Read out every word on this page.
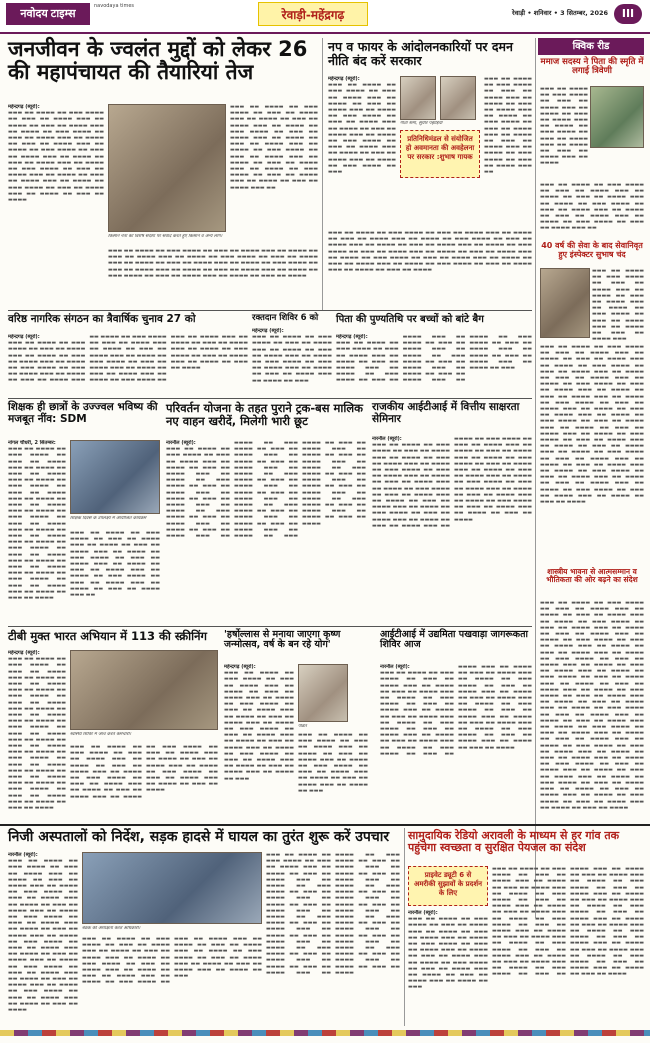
नवोदय टाइम्स
navodaya times
रेवाड़ी-महेंद्रगढ़	रेवाड़ी • शनिवार • 3 सितम्बर, 2026	III
जनजीवन के ज्वलंत मुद्दों को लेकर 26 की महापंचायत की तैयारियां तेज
महेन्द्रगढ़ (ब्यूरो):
▬▬▬ ▬▬ ▬▬▬▬ ▬▬ ▬▬▬ ▬▬▬▬ ▬▬ ▬▬▬ ▬▬ ▬▬▬▬ ▬▬▬ ▬▬ ▬▬▬▬ ▬▬ ▬▬▬ ▬▬ ▬▬▬▬ ▬▬▬ ▬▬ ▬▬▬▬ ▬▬ ▬▬▬ ▬▬▬▬ ▬▬ ▬▬▬ ▬▬ ▬▬▬▬ ▬▬▬ ▬▬ ▬▬▬▬ ▬▬ ▬▬▬ ▬▬ ▬▬▬▬ ▬▬▬ ▬▬ ▬▬▬▬ ▬▬ ▬▬▬ ▬▬▬▬ ▬▬ ▬▬▬ ▬▬ ▬▬▬▬ ▬▬▬ ▬▬ ▬▬▬▬ ▬▬ ▬▬▬ ▬▬ ▬▬▬▬ ▬▬▬ ▬▬ ▬▬▬▬ ▬▬ ▬▬▬ ▬▬▬▬ ▬▬ ▬▬▬ ▬▬ ▬▬▬▬ ▬▬▬ ▬▬ ▬▬▬▬ ▬▬ ▬▬▬ ▬▬ ▬▬▬▬ ▬▬▬ ▬▬ ▬▬▬▬ ▬▬ ▬▬▬ ▬▬▬▬ ▬▬ ▬▬▬ ▬▬ ▬▬▬▬ ▬▬▬ ▬▬ ▬▬▬▬ ▬▬ ▬▬▬ ▬▬ ▬▬▬▬
किसान नेता को विशेष संदेशों पर संवाद करते हुए किसान व अन्य लोग।
▬▬▬ ▬▬ ▬▬▬▬ ▬▬ ▬▬▬ ▬▬▬▬ ▬▬ ▬▬▬ ▬▬ ▬▬▬▬ ▬▬▬ ▬▬ ▬▬▬▬ ▬▬ ▬▬▬ ▬▬ ▬▬▬▬ ▬▬▬ ▬▬ ▬▬▬▬ ▬▬ ▬▬▬ ▬▬▬▬ ▬▬ ▬▬▬ ▬▬ ▬▬▬▬ ▬▬▬ ▬▬ ▬▬▬▬ ▬▬ ▬▬▬ ▬▬ ▬▬▬▬ ▬▬▬ ▬▬ ▬▬▬▬ ▬▬ ▬▬▬ ▬▬▬▬ ▬▬ ▬▬▬ ▬▬ ▬▬▬▬ ▬▬▬ ▬▬ ▬▬▬▬ ▬▬ ▬▬▬ ▬▬ ▬▬▬▬ ▬▬▬ ▬▬ ▬▬▬▬ ▬▬ ▬▬▬ ▬▬▬▬ ▬▬ ▬▬▬ ▬▬ ▬▬▬▬ ▬▬▬ ▬▬ ▬▬▬▬ ▬▬ ▬▬▬ ▬▬ ▬▬▬▬ ▬▬▬ ▬▬
▬▬▬ ▬▬ ▬▬▬▬ ▬▬ ▬▬▬ ▬▬▬▬ ▬▬ ▬▬▬ ▬▬ ▬▬▬▬ ▬▬▬ ▬▬ ▬▬▬▬ ▬▬ ▬▬▬ ▬▬ ▬▬▬▬ ▬▬▬ ▬▬ ▬▬▬▬ ▬▬ ▬▬▬ ▬▬▬▬ ▬▬ ▬▬▬ ▬▬ ▬▬▬▬ ▬▬▬ ▬▬ ▬▬▬▬ ▬▬ ▬▬▬ ▬▬ ▬▬▬▬ ▬▬▬ ▬▬ ▬▬▬▬ ▬▬ ▬▬▬ ▬▬▬▬ ▬▬ ▬▬▬ ▬▬ ▬▬▬▬ ▬▬▬ ▬▬ ▬▬▬▬ ▬▬ ▬▬▬ ▬▬ ▬▬▬▬ ▬▬▬ ▬▬ ▬▬▬▬ ▬▬ ▬▬▬ ▬▬▬▬ ▬▬ ▬▬▬ ▬▬ ▬▬▬▬ ▬▬▬ ▬▬ ▬▬▬▬ ▬▬ ▬▬▬ ▬▬ ▬▬▬▬
नप व फायर के आंदोलनकारियों पर दमन नीति बंद करें सरकार
महेन्द्रगढ़ (ब्यूरो):
▬▬▬ ▬▬ ▬▬▬▬ ▬▬ ▬▬▬ ▬▬▬▬ ▬▬ ▬▬▬ ▬▬ ▬▬▬▬ ▬▬▬ ▬▬ ▬▬▬▬ ▬▬ ▬▬▬ ▬▬ ▬▬▬▬ ▬▬▬ ▬▬ ▬▬▬▬ ▬▬ ▬▬▬ ▬▬▬▬ ▬▬ ▬▬▬ ▬▬ ▬▬▬▬ ▬▬▬ ▬▬ ▬▬▬▬ ▬▬ ▬▬▬ ▬▬ ▬▬▬▬ ▬▬▬ ▬▬ ▬▬▬▬ ▬▬ ▬▬▬ ▬▬▬▬ ▬▬ ▬▬▬ ▬▬ ▬▬▬▬ ▬▬▬ ▬▬ ▬▬▬▬ ▬▬ ▬▬▬ ▬▬ ▬▬▬▬ ▬▬▬ ▬▬ ▬▬▬▬ ▬▬ ▬▬▬ ▬▬▬▬ ▬▬ ▬▬▬
गीता शर्मा, सुधीर पहाड़िया
प्रतिनिधिमंडल से संयोजित हो अवमानता की अवहेलना पर सरकार :शुभाष गायक
▬▬▬ ▬▬ ▬▬▬▬ ▬▬ ▬▬▬ ▬▬▬▬ ▬▬ ▬▬▬ ▬▬ ▬▬▬▬ ▬▬▬ ▬▬ ▬▬▬▬ ▬▬ ▬▬▬ ▬▬ ▬▬▬▬ ▬▬▬ ▬▬ ▬▬▬▬ ▬▬ ▬▬▬ ▬▬▬▬ ▬▬ ▬▬▬ ▬▬ ▬▬▬▬ ▬▬▬ ▬▬ ▬▬▬▬ ▬▬ ▬▬▬ ▬▬ ▬▬▬▬ ▬▬▬ ▬▬ ▬▬▬▬ ▬▬ ▬▬▬ ▬▬▬▬ ▬▬ ▬▬▬ ▬▬ ▬▬▬▬ ▬▬▬ ▬▬
▬▬▬ ▬▬ ▬▬▬▬ ▬▬ ▬▬▬ ▬▬▬▬ ▬▬ ▬▬▬ ▬▬ ▬▬▬▬ ▬▬▬ ▬▬ ▬▬▬▬ ▬▬ ▬▬▬ ▬▬ ▬▬▬▬ ▬▬▬ ▬▬ ▬▬▬▬ ▬▬ ▬▬▬ ▬▬▬▬ ▬▬ ▬▬▬ ▬▬ ▬▬▬▬ ▬▬▬ ▬▬ ▬▬▬▬ ▬▬ ▬▬▬ ▬▬ ▬▬▬▬ ▬▬▬ ▬▬ ▬▬▬▬ ▬▬ ▬▬▬ ▬▬▬▬ ▬▬ ▬▬▬ ▬▬ ▬▬▬▬ ▬▬▬ ▬▬ ▬▬▬▬ ▬▬ ▬▬▬ ▬▬ ▬▬▬▬ ▬▬▬ ▬▬ ▬▬▬▬ ▬▬ ▬▬▬ ▬▬▬▬ ▬▬ ▬▬▬ ▬▬ ▬▬▬▬ ▬▬▬ ▬▬ ▬▬▬▬ ▬▬ ▬▬▬ ▬▬ ▬▬▬▬ ▬▬▬ ▬▬ ▬▬▬▬ ▬▬ ▬▬▬ ▬▬▬▬ ▬▬ ▬▬▬ ▬▬ ▬▬▬▬ ▬▬▬ ▬▬ ▬▬▬▬ ▬▬ ▬▬▬ ▬▬ ▬▬▬▬
क्विक रीड
ममाज सदस्य ने पिता की स्मृति में लगाई त्रिवेणी
▬▬▬ ▬▬ ▬▬▬▬ ▬▬ ▬▬▬ ▬▬▬▬ ▬▬ ▬▬▬ ▬▬ ▬▬▬▬ ▬▬▬ ▬▬ ▬▬▬▬ ▬▬ ▬▬▬ ▬▬ ▬▬▬▬ ▬▬▬ ▬▬ ▬▬▬▬ ▬▬ ▬▬▬ ▬▬▬▬ ▬▬ ▬▬▬ ▬▬ ▬▬▬▬ ▬▬▬ ▬▬ ▬▬▬▬ ▬▬ ▬▬▬ ▬▬ ▬▬▬▬ ▬▬▬ ▬▬ ▬▬▬▬
▬▬▬ ▬▬ ▬▬▬▬ ▬▬ ▬▬▬ ▬▬▬▬ ▬▬ ▬▬▬ ▬▬ ▬▬▬▬ ▬▬▬ ▬▬ ▬▬▬▬ ▬▬ ▬▬▬ ▬▬ ▬▬▬▬ ▬▬▬ ▬▬ ▬▬▬▬ ▬▬ ▬▬▬ ▬▬▬▬ ▬▬ ▬▬▬ ▬▬ ▬▬▬▬ ▬▬▬ ▬▬ ▬▬▬▬ ▬▬ ▬▬▬ ▬▬ ▬▬▬▬ ▬▬▬ ▬▬ ▬▬▬▬ ▬▬ ▬▬▬ ▬▬▬▬ ▬▬ ▬▬▬ ▬▬ ▬▬▬▬ ▬▬▬ ▬▬
40 वर्ष की सेवा के बाद सेवानिवृत हुए इंस्पेक्टर सुभाष चंद
▬▬▬ ▬▬ ▬▬▬▬ ▬▬ ▬▬▬ ▬▬▬▬ ▬▬ ▬▬▬ ▬▬ ▬▬▬▬ ▬▬▬ ▬▬ ▬▬▬▬ ▬▬ ▬▬▬ ▬▬ ▬▬▬▬ ▬▬▬ ▬▬ ▬▬▬▬ ▬▬ ▬▬▬ ▬▬▬▬ ▬▬ ▬▬▬ ▬▬ ▬▬▬▬ ▬▬▬ ▬▬ ▬▬▬▬ ▬▬ ▬▬▬ ▬▬ ▬▬▬▬ ▬▬▬
▬▬▬ ▬▬ ▬▬▬▬ ▬▬ ▬▬▬ ▬▬▬▬ ▬▬ ▬▬▬ ▬▬ ▬▬▬▬ ▬▬▬ ▬▬ ▬▬▬▬ ▬▬ ▬▬▬ ▬▬ ▬▬▬▬ ▬▬▬ ▬▬ ▬▬▬▬ ▬▬ ▬▬▬ ▬▬▬▬ ▬▬ ▬▬▬ ▬▬ ▬▬▬▬ ▬▬▬ ▬▬ ▬▬▬▬ ▬▬ ▬▬▬ ▬▬ ▬▬▬▬ ▬▬▬ ▬▬ ▬▬▬▬ ▬▬ ▬▬▬ ▬▬▬▬ ▬▬ ▬▬▬ ▬▬ ▬▬▬▬ ▬▬▬ ▬▬ ▬▬▬▬ ▬▬ ▬▬▬ ▬▬ ▬▬▬▬ ▬▬▬ ▬▬ ▬▬▬▬ ▬▬ ▬▬▬ ▬▬▬▬ ▬▬ ▬▬▬ ▬▬ ▬▬▬▬ ▬▬▬ ▬▬ ▬▬▬▬ ▬▬ ▬▬▬ ▬▬ ▬▬▬▬ ▬▬▬ ▬▬ ▬▬▬▬ ▬▬ ▬▬▬ ▬▬▬▬ ▬▬ ▬▬▬ ▬▬ ▬▬▬▬ ▬▬▬ ▬▬ ▬▬▬▬ ▬▬ ▬▬▬ ▬▬ ▬▬▬▬ ▬▬▬ ▬▬ ▬▬▬▬ ▬▬ ▬▬▬ ▬▬▬▬ ▬▬ ▬▬▬ ▬▬ ▬▬▬▬ ▬▬▬ ▬▬ ▬▬▬▬ ▬▬ ▬▬▬ ▬▬ ▬▬▬▬ ▬▬▬ ▬▬ ▬▬▬▬ ▬▬ ▬▬▬ ▬▬▬▬ ▬▬ ▬▬▬ ▬▬ ▬▬▬▬ ▬▬▬ ▬▬ ▬▬▬▬ ▬▬ ▬▬▬ ▬▬ ▬▬▬▬ ▬▬▬ ▬▬ ▬▬▬▬ ▬▬ ▬▬▬ ▬▬▬▬ ▬▬ ▬▬▬ ▬▬ ▬▬▬▬ ▬▬▬ ▬▬ ▬▬▬▬ ▬▬ ▬▬▬ ▬▬ ▬▬▬▬ ▬▬▬ ▬▬ ▬▬▬▬ ▬▬ ▬▬▬ ▬▬▬▬ ▬▬ ▬▬▬ ▬▬ ▬▬▬▬ ▬▬▬ ▬▬ ▬▬▬▬ ▬▬ ▬▬▬ ▬▬ ▬▬▬▬
शास्त्रीय भावना से आत्मसम्मान व भौतिकता की ओर बढ़ने का संदेश
▬▬▬ ▬▬ ▬▬▬▬ ▬▬ ▬▬▬ ▬▬▬▬ ▬▬ ▬▬▬ ▬▬ ▬▬▬▬ ▬▬▬ ▬▬ ▬▬▬▬ ▬▬ ▬▬▬ ▬▬ ▬▬▬▬ ▬▬▬ ▬▬ ▬▬▬▬ ▬▬ ▬▬▬ ▬▬▬▬ ▬▬ ▬▬▬ ▬▬ ▬▬▬▬ ▬▬▬ ▬▬ ▬▬▬▬ ▬▬ ▬▬▬ ▬▬ ▬▬▬▬ ▬▬▬ ▬▬ ▬▬▬▬ ▬▬ ▬▬▬ ▬▬▬▬ ▬▬ ▬▬▬ ▬▬ ▬▬▬▬ ▬▬▬ ▬▬ ▬▬▬▬ ▬▬ ▬▬▬ ▬▬ ▬▬▬▬ ▬▬▬ ▬▬ ▬▬▬▬ ▬▬ ▬▬▬ ▬▬▬▬ ▬▬ ▬▬▬ ▬▬ ▬▬▬▬ ▬▬▬ ▬▬ ▬▬▬▬ ▬▬ ▬▬▬ ▬▬ ▬▬▬▬ ▬▬▬ ▬▬ ▬▬▬▬ ▬▬ ▬▬▬ ▬▬▬▬ ▬▬ ▬▬▬ ▬▬ ▬▬▬▬ ▬▬▬ ▬▬ ▬▬▬▬ ▬▬ ▬▬▬ ▬▬ ▬▬▬▬ ▬▬▬ ▬▬ ▬▬▬▬ ▬▬ ▬▬▬ ▬▬▬▬ ▬▬ ▬▬▬ ▬▬ ▬▬▬▬ ▬▬▬ ▬▬ ▬▬▬▬ ▬▬ ▬▬▬ ▬▬ ▬▬▬▬ ▬▬▬ ▬▬ ▬▬▬▬ ▬▬ ▬▬▬ ▬▬▬▬ ▬▬ ▬▬▬ ▬▬ ▬▬▬▬ ▬▬▬ ▬▬ ▬▬▬▬ ▬▬ ▬▬▬ ▬▬ ▬▬▬▬ ▬▬▬ ▬▬ ▬▬▬▬ ▬▬ ▬▬▬ ▬▬▬▬ ▬▬ ▬▬▬ ▬▬ ▬▬▬▬ ▬▬▬ ▬▬ ▬▬▬▬ ▬▬ ▬▬▬ ▬▬ ▬▬▬▬ ▬▬▬ ▬▬ ▬▬▬▬ ▬▬ ▬▬▬ ▬▬▬▬ ▬▬ ▬▬▬ ▬▬ ▬▬▬▬ ▬▬▬ ▬▬ ▬▬▬▬ ▬▬ ▬▬▬ ▬▬ ▬▬▬▬ ▬▬▬ ▬▬ ▬▬▬▬ ▬▬ ▬▬▬ ▬▬▬▬ ▬▬ ▬▬▬ ▬▬ ▬▬▬▬ ▬▬▬ ▬▬ ▬▬▬▬ ▬▬ ▬▬▬ ▬▬ ▬▬▬▬ ▬▬▬ ▬▬ ▬▬▬▬ ▬▬ ▬▬▬ ▬▬▬▬ ▬▬ ▬▬▬ ▬▬ ▬▬▬▬ ▬▬▬ ▬▬ ▬▬▬▬ ▬▬ ▬▬▬ ▬▬ ▬▬▬▬ ▬▬▬ ▬▬ ▬▬▬▬ ▬▬ ▬▬▬ ▬▬▬▬ ▬▬ ▬▬▬ ▬▬ ▬▬▬▬ ▬▬▬ ▬▬ ▬▬▬▬ ▬▬ ▬▬▬ ▬▬ ▬▬▬▬
वरिष्ठ नागरिक संगठन का त्रैवार्षिक चुनाव 27 को
महेन्द्रगढ़ (ब्यूरो):
▬▬▬ ▬▬ ▬▬▬▬ ▬▬ ▬▬▬ ▬▬▬▬ ▬▬ ▬▬▬ ▬▬ ▬▬▬▬ ▬▬▬ ▬▬ ▬▬▬▬ ▬▬ ▬▬▬ ▬▬ ▬▬▬▬ ▬▬▬ ▬▬ ▬▬▬▬ ▬▬ ▬▬▬ ▬▬▬▬ ▬▬ ▬▬▬ ▬▬ ▬▬▬▬ ▬▬▬ ▬▬ ▬▬▬▬ ▬▬ ▬▬▬ ▬▬ ▬▬▬▬ ▬▬▬ ▬▬ ▬▬▬▬ ▬▬ ▬▬▬ ▬▬▬▬ ▬▬ ▬▬▬ ▬▬ ▬▬▬▬ ▬▬▬ ▬▬ ▬▬▬▬ ▬▬ ▬▬▬ ▬▬ ▬▬▬▬ ▬▬▬ ▬▬ ▬▬▬▬ ▬▬ ▬▬▬ ▬▬▬▬ ▬▬ ▬▬▬ ▬▬ ▬▬▬▬ ▬▬▬ ▬▬ ▬▬▬▬ ▬▬ ▬▬▬ ▬▬ ▬▬▬▬ ▬▬▬ ▬▬ ▬▬▬▬ ▬▬ ▬▬▬ ▬▬▬▬ ▬▬ ▬▬▬ ▬▬ ▬▬▬▬ ▬▬▬ ▬▬ ▬▬▬▬ ▬▬ ▬▬▬ ▬▬ ▬▬▬▬ ▬▬▬ ▬▬ ▬▬▬▬ ▬▬ ▬▬▬ ▬▬▬▬ ▬▬ ▬▬▬ ▬▬ ▬▬▬▬ ▬▬▬ ▬▬ ▬▬▬▬ ▬▬ ▬▬▬ ▬▬ ▬▬▬▬
रक्तदान शिविर 6 को
महेन्द्रगढ़ (ब्यूरो):
▬▬▬ ▬▬ ▬▬▬▬ ▬▬ ▬▬▬ ▬▬▬▬ ▬▬ ▬▬▬ ▬▬ ▬▬▬▬ ▬▬▬ ▬▬ ▬▬▬▬ ▬▬ ▬▬▬ ▬▬ ▬▬▬▬ ▬▬▬ ▬▬ ▬▬▬▬ ▬▬ ▬▬▬ ▬▬▬▬ ▬▬ ▬▬▬ ▬▬ ▬▬▬▬ ▬▬▬ ▬▬ ▬▬▬▬ ▬▬ ▬▬▬ ▬▬ ▬▬▬▬ ▬▬▬ ▬▬ ▬▬▬▬ ▬▬ ▬▬▬
पिता की पुण्यतिथि पर बच्चों को बांटे बैग
महेन्द्रगढ़ (ब्यूरो):
▬▬▬ ▬▬ ▬▬▬▬ ▬▬ ▬▬▬ ▬▬▬▬ ▬▬ ▬▬▬ ▬▬ ▬▬▬▬ ▬▬▬ ▬▬ ▬▬▬▬ ▬▬ ▬▬▬ ▬▬ ▬▬▬▬ ▬▬▬ ▬▬ ▬▬▬▬ ▬▬ ▬▬▬ ▬▬▬▬ ▬▬ ▬▬▬ ▬▬ ▬▬▬▬ ▬▬▬ ▬▬ ▬▬▬▬ ▬▬ ▬▬▬ ▬▬ ▬▬▬▬ ▬▬▬ ▬▬ ▬▬▬▬ ▬▬ ▬▬▬ ▬▬▬▬ ▬▬ ▬▬▬ ▬▬ ▬▬▬▬ ▬▬▬ ▬▬ ▬▬▬▬ ▬▬ ▬▬▬ ▬▬ ▬▬▬▬ ▬▬▬ ▬▬ ▬▬▬▬ ▬▬ ▬▬▬ ▬▬▬▬ ▬▬ ▬▬▬ ▬▬ ▬▬▬▬ ▬▬▬ ▬▬ ▬▬▬▬ ▬▬ ▬▬▬ ▬▬ ▬▬▬▬ ▬▬▬ ▬▬ ▬▬▬▬ ▬▬ ▬▬▬
शिक्षक ही छात्रों के उज्ज्वल भविष्य की मजबूत नींव: SDM
नांगल चौधरी, 2 सितम्बर:
▬▬▬ ▬▬ ▬▬▬▬ ▬▬ ▬▬▬ ▬▬▬▬ ▬▬ ▬▬▬ ▬▬ ▬▬▬▬ ▬▬▬ ▬▬ ▬▬▬▬ ▬▬ ▬▬▬ ▬▬ ▬▬▬▬ ▬▬▬ ▬▬ ▬▬▬▬ ▬▬ ▬▬▬ ▬▬▬▬ ▬▬ ▬▬▬ ▬▬ ▬▬▬▬ ▬▬▬ ▬▬ ▬▬▬▬ ▬▬ ▬▬▬ ▬▬ ▬▬▬▬ ▬▬▬ ▬▬ ▬▬▬▬ ▬▬ ▬▬▬ ▬▬▬▬ ▬▬ ▬▬▬ ▬▬ ▬▬▬▬ ▬▬▬ ▬▬ ▬▬▬▬ ▬▬ ▬▬▬ ▬▬ ▬▬▬▬ ▬▬▬ ▬▬ ▬▬▬▬ ▬▬ ▬▬▬ ▬▬▬▬ ▬▬ ▬▬▬ ▬▬ ▬▬▬▬ ▬▬▬ ▬▬ ▬▬▬▬ ▬▬ ▬▬▬ ▬▬ ▬▬▬▬ ▬▬▬ ▬▬ ▬▬▬▬ ▬▬ ▬▬▬ ▬▬▬▬ ▬▬ ▬▬▬ ▬▬ ▬▬▬▬ ▬▬▬ ▬▬ ▬▬▬▬ ▬▬ ▬▬▬ ▬▬ ▬▬▬▬
शिक्षक दिवस के उपलक्ष्य में आयोजित कार्यक्रम
▬▬▬ ▬▬ ▬▬▬▬ ▬▬ ▬▬▬ ▬▬▬▬ ▬▬ ▬▬▬ ▬▬ ▬▬▬▬ ▬▬▬ ▬▬ ▬▬▬▬ ▬▬ ▬▬▬ ▬▬ ▬▬▬▬ ▬▬▬ ▬▬ ▬▬▬▬ ▬▬ ▬▬▬ ▬▬▬▬ ▬▬ ▬▬▬ ▬▬ ▬▬▬▬ ▬▬▬ ▬▬ ▬▬▬▬ ▬▬ ▬▬▬ ▬▬ ▬▬▬▬ ▬▬▬ ▬▬ ▬▬▬▬ ▬▬ ▬▬▬ ▬▬▬▬ ▬▬ ▬▬▬ ▬▬ ▬▬▬▬ ▬▬▬ ▬▬ ▬▬▬▬ ▬▬ ▬▬▬ ▬▬ ▬▬▬▬ ▬▬▬ ▬▬
परिवर्तन योजना के तहत पुराने ट्रक-बस मालिक नए वाहन खरीदें, मिलेगी भारी छूट
नारनौल (ब्यूरो):
▬▬▬ ▬▬ ▬▬▬▬ ▬▬ ▬▬▬ ▬▬▬▬ ▬▬ ▬▬▬ ▬▬ ▬▬▬▬ ▬▬▬ ▬▬ ▬▬▬▬ ▬▬ ▬▬▬ ▬▬ ▬▬▬▬ ▬▬▬ ▬▬ ▬▬▬▬ ▬▬ ▬▬▬ ▬▬▬▬ ▬▬ ▬▬▬ ▬▬ ▬▬▬▬ ▬▬▬ ▬▬ ▬▬▬▬ ▬▬ ▬▬▬ ▬▬ ▬▬▬▬ ▬▬▬ ▬▬ ▬▬▬▬ ▬▬ ▬▬▬ ▬▬▬▬ ▬▬ ▬▬▬ ▬▬ ▬▬▬▬ ▬▬▬ ▬▬ ▬▬▬▬ ▬▬ ▬▬▬ ▬▬ ▬▬▬▬ ▬▬▬ ▬▬ ▬▬▬▬ ▬▬ ▬▬▬ ▬▬▬▬ ▬▬ ▬▬▬ ▬▬ ▬▬▬▬ ▬▬▬ ▬▬ ▬▬▬▬ ▬▬ ▬▬▬ ▬▬ ▬▬▬▬ ▬▬▬ ▬▬ ▬▬▬▬ ▬▬ ▬▬▬ ▬▬▬▬ ▬▬ ▬▬▬ ▬▬ ▬▬▬▬ ▬▬▬ ▬▬ ▬▬▬▬ ▬▬ ▬▬▬ ▬▬ ▬▬▬▬ ▬▬▬ ▬▬ ▬▬▬▬ ▬▬ ▬▬▬ ▬▬▬▬ ▬▬ ▬▬▬ ▬▬ ▬▬▬▬ ▬▬▬ ▬▬ ▬▬▬▬ ▬▬ ▬▬▬ ▬▬ ▬▬▬▬ ▬▬▬ ▬▬ ▬▬▬▬ ▬▬ ▬▬▬ ▬▬▬▬ ▬▬ ▬▬▬ ▬▬ ▬▬▬▬ ▬▬▬ ▬▬ ▬▬▬▬ ▬▬ ▬▬▬ ▬▬ ▬▬▬▬ ▬▬▬ ▬▬ ▬▬▬▬ ▬▬ ▬▬▬ ▬▬▬▬ ▬▬ ▬▬▬ ▬▬ ▬▬▬▬ ▬▬▬ ▬▬ ▬▬▬▬ ▬▬ ▬▬▬ ▬▬ ▬▬▬▬ ▬▬▬ ▬▬ ▬▬▬▬ ▬▬ ▬▬▬ ▬▬▬▬ ▬▬ ▬▬▬ ▬▬ ▬▬▬▬ ▬▬▬ ▬▬ ▬▬▬▬ ▬▬ ▬▬▬ ▬▬ ▬▬▬▬
राजकीय आईटीआई में वित्तीय साक्षरता सेमिनार
नारनौल (ब्यूरो):
▬▬▬ ▬▬ ▬▬▬▬ ▬▬ ▬▬▬ ▬▬▬▬ ▬▬ ▬▬▬ ▬▬ ▬▬▬▬ ▬▬▬ ▬▬ ▬▬▬▬ ▬▬ ▬▬▬ ▬▬ ▬▬▬▬ ▬▬▬ ▬▬ ▬▬▬▬ ▬▬ ▬▬▬ ▬▬▬▬ ▬▬ ▬▬▬ ▬▬ ▬▬▬▬ ▬▬▬ ▬▬ ▬▬▬▬ ▬▬ ▬▬▬ ▬▬ ▬▬▬▬ ▬▬▬ ▬▬ ▬▬▬▬ ▬▬ ▬▬▬ ▬▬▬▬ ▬▬ ▬▬▬ ▬▬ ▬▬▬▬ ▬▬▬ ▬▬ ▬▬▬▬ ▬▬ ▬▬▬ ▬▬ ▬▬▬▬ ▬▬▬ ▬▬ ▬▬▬▬ ▬▬ ▬▬▬ ▬▬▬▬ ▬▬ ▬▬▬ ▬▬ ▬▬▬▬ ▬▬▬ ▬▬ ▬▬▬▬ ▬▬ ▬▬▬ ▬▬ ▬▬▬▬ ▬▬▬ ▬▬ ▬▬▬▬ ▬▬ ▬▬▬ ▬▬▬▬ ▬▬ ▬▬▬ ▬▬ ▬▬▬▬ ▬▬▬ ▬▬ ▬▬▬▬ ▬▬ ▬▬▬ ▬▬ ▬▬▬▬ ▬▬▬ ▬▬ ▬▬▬▬ ▬▬ ▬▬▬ ▬▬▬▬ ▬▬ ▬▬▬ ▬▬ ▬▬▬▬ ▬▬▬ ▬▬ ▬▬▬▬ ▬▬ ▬▬▬ ▬▬ ▬▬▬▬ ▬▬▬ ▬▬ ▬▬▬▬ ▬▬ ▬▬▬ ▬▬▬▬ ▬▬ ▬▬▬ ▬▬ ▬▬▬▬ ▬▬▬ ▬▬ ▬▬▬▬ ▬▬ ▬▬▬ ▬▬ ▬▬▬▬ ▬▬▬ ▬▬ ▬▬▬▬ ▬▬ ▬▬▬ ▬▬▬▬ ▬▬ ▬▬▬ ▬▬ ▬▬▬▬ ▬▬▬ ▬▬ ▬▬▬▬ ▬▬ ▬▬▬ ▬▬ ▬▬▬▬
टीबी मुक्त भारत अभियान में 113 की स्क्रीनिंग
महेन्द्रगढ़ (ब्यूरो):
▬▬▬ ▬▬ ▬▬▬▬ ▬▬ ▬▬▬ ▬▬▬▬ ▬▬ ▬▬▬ ▬▬ ▬▬▬▬ ▬▬▬ ▬▬ ▬▬▬▬ ▬▬ ▬▬▬ ▬▬ ▬▬▬▬ ▬▬▬ ▬▬ ▬▬▬▬ ▬▬ ▬▬▬ ▬▬▬▬ ▬▬ ▬▬▬ ▬▬ ▬▬▬▬ ▬▬▬ ▬▬ ▬▬▬▬ ▬▬ ▬▬▬ ▬▬ ▬▬▬▬ ▬▬▬ ▬▬ ▬▬▬▬ ▬▬ ▬▬▬ ▬▬▬▬ ▬▬ ▬▬▬ ▬▬ ▬▬▬▬ ▬▬▬ ▬▬ ▬▬▬▬ ▬▬ ▬▬▬ ▬▬ ▬▬▬▬ ▬▬▬ ▬▬ ▬▬▬▬ ▬▬ ▬▬▬ ▬▬▬▬ ▬▬ ▬▬▬ ▬▬ ▬▬▬▬ ▬▬▬ ▬▬ ▬▬▬▬ ▬▬ ▬▬▬ ▬▬ ▬▬▬▬ ▬▬▬ ▬▬ ▬▬▬▬ ▬▬ ▬▬▬ ▬▬▬▬ ▬▬ ▬▬▬ ▬▬ ▬▬▬▬ ▬▬▬ ▬▬ ▬▬▬▬ ▬▬ ▬▬▬ ▬▬ ▬▬▬▬
स्वास्थ्य शिविर में जांच करते कर्मचारी।
▬▬▬ ▬▬ ▬▬▬▬ ▬▬ ▬▬▬ ▬▬▬▬ ▬▬ ▬▬▬ ▬▬ ▬▬▬▬ ▬▬▬ ▬▬ ▬▬▬▬ ▬▬ ▬▬▬ ▬▬ ▬▬▬▬ ▬▬▬ ▬▬ ▬▬▬▬ ▬▬ ▬▬▬ ▬▬▬▬ ▬▬ ▬▬▬ ▬▬ ▬▬▬▬ ▬▬▬ ▬▬ ▬▬▬▬ ▬▬ ▬▬▬ ▬▬ ▬▬▬▬ ▬▬▬ ▬▬ ▬▬▬▬ ▬▬ ▬▬▬ ▬▬▬▬ ▬▬ ▬▬▬ ▬▬ ▬▬▬▬ ▬▬▬ ▬▬ ▬▬▬▬ ▬▬ ▬▬▬ ▬▬ ▬▬▬▬ ▬▬▬ ▬▬ ▬▬▬▬ ▬▬ ▬▬▬ ▬▬▬▬ ▬▬ ▬▬▬ ▬▬ ▬▬▬▬ ▬▬▬ ▬▬ ▬▬▬▬ ▬▬ ▬▬▬ ▬▬ ▬▬▬▬
'हर्षोल्लास से मनाया जाएगा कृष्ण जन्मोत्सव, वर्ष के बन रहे योग'
महेन्द्रगढ़ (ब्यूरो):
▬▬▬ ▬▬ ▬▬▬▬ ▬▬ ▬▬▬ ▬▬▬▬ ▬▬ ▬▬▬ ▬▬ ▬▬▬▬ ▬▬▬ ▬▬ ▬▬▬▬ ▬▬ ▬▬▬ ▬▬ ▬▬▬▬ ▬▬▬ ▬▬ ▬▬▬▬ ▬▬ ▬▬▬ ▬▬▬▬ ▬▬ ▬▬▬ ▬▬ ▬▬▬▬ ▬▬▬ ▬▬ ▬▬▬▬ ▬▬ ▬▬▬ ▬▬ ▬▬▬▬ ▬▬▬ ▬▬ ▬▬▬▬ ▬▬ ▬▬▬ ▬▬▬▬ ▬▬ ▬▬▬ ▬▬ ▬▬▬▬ ▬▬▬ ▬▬ ▬▬▬▬ ▬▬ ▬▬▬ ▬▬ ▬▬▬▬ ▬▬▬ ▬▬ ▬▬▬▬ ▬▬ ▬▬▬ ▬▬▬▬ ▬▬ ▬▬▬ ▬▬ ▬▬▬▬ ▬▬▬ ▬▬ ▬▬▬▬ ▬▬ ▬▬▬ ▬▬ ▬▬▬▬ ▬▬▬ ▬▬ ▬▬▬▬ ▬▬ ▬▬▬
पंडित
▬▬▬ ▬▬ ▬▬▬▬ ▬▬ ▬▬▬ ▬▬▬▬ ▬▬ ▬▬▬ ▬▬ ▬▬▬▬ ▬▬▬ ▬▬ ▬▬▬▬ ▬▬ ▬▬▬ ▬▬ ▬▬▬▬ ▬▬▬ ▬▬ ▬▬▬▬ ▬▬ ▬▬▬ ▬▬▬▬ ▬▬ ▬▬▬ ▬▬ ▬▬▬▬ ▬▬▬ ▬▬ ▬▬▬▬ ▬▬ ▬▬▬ ▬▬ ▬▬▬▬ ▬▬▬ ▬▬ ▬▬▬▬ ▬▬ ▬▬▬
आईटीआई में उद्यमिता पखवाड़ा जागरूकता शिविर आज
नारनौल (ब्यूरो):
▬▬▬ ▬▬ ▬▬▬▬ ▬▬ ▬▬▬ ▬▬▬▬ ▬▬ ▬▬▬ ▬▬ ▬▬▬▬ ▬▬▬ ▬▬ ▬▬▬▬ ▬▬ ▬▬▬ ▬▬ ▬▬▬▬ ▬▬▬ ▬▬ ▬▬▬▬ ▬▬ ▬▬▬ ▬▬▬▬ ▬▬ ▬▬▬ ▬▬ ▬▬▬▬ ▬▬▬ ▬▬ ▬▬▬▬ ▬▬ ▬▬▬ ▬▬ ▬▬▬▬ ▬▬▬ ▬▬ ▬▬▬▬ ▬▬ ▬▬▬ ▬▬▬▬ ▬▬ ▬▬▬ ▬▬ ▬▬▬▬ ▬▬▬ ▬▬ ▬▬▬▬ ▬▬ ▬▬▬ ▬▬ ▬▬▬▬ ▬▬▬ ▬▬ ▬▬▬▬ ▬▬ ▬▬▬ ▬▬▬▬ ▬▬ ▬▬▬ ▬▬ ▬▬▬▬ ▬▬▬ ▬▬ ▬▬▬▬ ▬▬ ▬▬▬ ▬▬ ▬▬▬▬ ▬▬▬ ▬▬ ▬▬▬▬ ▬▬ ▬▬▬ ▬▬▬▬ ▬▬ ▬▬▬ ▬▬ ▬▬▬▬ ▬▬▬ ▬▬ ▬▬▬▬ ▬▬ ▬▬▬ ▬▬ ▬▬▬▬ ▬▬▬ ▬▬ ▬▬▬▬ ▬▬ ▬▬▬ ▬▬▬▬ ▬▬ ▬▬▬ ▬▬ ▬▬▬▬ ▬▬▬ ▬▬ ▬▬▬▬ ▬▬ ▬▬▬ ▬▬ ▬▬▬▬ ▬▬▬ ▬▬ ▬▬▬▬ ▬▬ ▬▬▬ ▬▬▬▬ ▬▬ ▬▬▬ ▬▬ ▬▬▬▬ ▬▬▬ ▬▬ ▬▬▬▬ ▬▬ ▬▬▬ ▬▬ ▬▬▬▬
निजी अस्पतालों को निर्देश, सड़क हादसे में घायल का तुरंत शुरू करें उपचार
नारनौल (ब्यूरो):
▬▬▬ ▬▬ ▬▬▬▬ ▬▬ ▬▬▬ ▬▬▬▬ ▬▬ ▬▬▬ ▬▬ ▬▬▬▬ ▬▬▬ ▬▬ ▬▬▬▬ ▬▬ ▬▬▬ ▬▬ ▬▬▬▬ ▬▬▬ ▬▬ ▬▬▬▬ ▬▬ ▬▬▬ ▬▬▬▬ ▬▬ ▬▬▬ ▬▬ ▬▬▬▬ ▬▬▬ ▬▬ ▬▬▬▬ ▬▬ ▬▬▬ ▬▬ ▬▬▬▬ ▬▬▬ ▬▬ ▬▬▬▬ ▬▬ ▬▬▬ ▬▬▬▬ ▬▬ ▬▬▬ ▬▬ ▬▬▬▬ ▬▬▬ ▬▬ ▬▬▬▬ ▬▬ ▬▬▬ ▬▬ ▬▬▬▬ ▬▬▬ ▬▬ ▬▬▬▬ ▬▬ ▬▬▬ ▬▬▬▬ ▬▬ ▬▬▬ ▬▬ ▬▬▬▬ ▬▬▬ ▬▬ ▬▬▬▬ ▬▬ ▬▬▬ ▬▬ ▬▬▬▬ ▬▬▬ ▬▬ ▬▬▬▬ ▬▬ ▬▬▬ ▬▬▬▬ ▬▬ ▬▬▬ ▬▬ ▬▬▬▬ ▬▬▬ ▬▬ ▬▬▬▬ ▬▬ ▬▬▬ ▬▬ ▬▬▬▬ ▬▬▬ ▬▬ ▬▬▬▬ ▬▬ ▬▬▬ ▬▬▬▬ ▬▬ ▬▬▬ ▬▬ ▬▬▬▬ ▬▬▬ ▬▬ ▬▬▬▬ ▬▬ ▬▬▬ ▬▬ ▬▬▬▬
बैठक की अध्यक्षता करते अधिकारी।
▬▬▬ ▬▬ ▬▬▬▬ ▬▬ ▬▬▬ ▬▬▬▬ ▬▬ ▬▬▬ ▬▬ ▬▬▬▬ ▬▬▬ ▬▬ ▬▬▬▬ ▬▬ ▬▬▬ ▬▬ ▬▬▬▬ ▬▬▬ ▬▬ ▬▬▬▬ ▬▬ ▬▬▬ ▬▬▬▬ ▬▬ ▬▬▬ ▬▬ ▬▬▬▬ ▬▬▬ ▬▬ ▬▬▬▬ ▬▬ ▬▬▬ ▬▬ ▬▬▬▬ ▬▬▬ ▬▬ ▬▬▬▬ ▬▬ ▬▬▬ ▬▬▬▬ ▬▬ ▬▬▬ ▬▬ ▬▬▬▬ ▬▬▬ ▬▬ ▬▬▬▬ ▬▬ ▬▬▬ ▬▬ ▬▬▬▬ ▬▬▬ ▬▬ ▬▬▬▬ ▬▬ ▬▬▬ ▬▬▬▬ ▬▬ ▬▬▬ ▬▬ ▬▬▬▬ ▬▬▬ ▬▬ ▬▬▬▬ ▬▬ ▬▬▬ ▬▬ ▬▬▬▬ ▬▬▬ ▬▬ ▬▬▬▬ ▬▬ ▬▬▬
▬▬▬ ▬▬ ▬▬▬▬ ▬▬ ▬▬▬ ▬▬▬▬ ▬▬ ▬▬▬ ▬▬ ▬▬▬▬ ▬▬▬ ▬▬ ▬▬▬▬ ▬▬ ▬▬▬ ▬▬ ▬▬▬▬ ▬▬▬ ▬▬ ▬▬▬▬ ▬▬ ▬▬▬ ▬▬▬▬ ▬▬ ▬▬▬ ▬▬ ▬▬▬▬ ▬▬▬ ▬▬ ▬▬▬▬ ▬▬ ▬▬▬ ▬▬ ▬▬▬▬ ▬▬▬ ▬▬ ▬▬▬▬ ▬▬ ▬▬▬ ▬▬▬▬ ▬▬ ▬▬▬ ▬▬ ▬▬▬▬ ▬▬▬ ▬▬ ▬▬▬▬ ▬▬ ▬▬▬ ▬▬ ▬▬▬▬ ▬▬▬ ▬▬ ▬▬▬▬ ▬▬ ▬▬▬ ▬▬▬▬ ▬▬ ▬▬▬ ▬▬ ▬▬▬▬ ▬▬▬ ▬▬ ▬▬▬▬ ▬▬ ▬▬▬ ▬▬ ▬▬▬▬ ▬▬▬ ▬▬ ▬▬▬▬ ▬▬ ▬▬▬ ▬▬▬▬ ▬▬ ▬▬▬ ▬▬ ▬▬▬▬ ▬▬▬ ▬▬ ▬▬▬▬ ▬▬ ▬▬▬ ▬▬ ▬▬▬▬ ▬▬▬ ▬▬ ▬▬▬▬ ▬▬ ▬▬▬ ▬▬▬▬ ▬▬ ▬▬▬ ▬▬ ▬▬▬▬ ▬▬▬ ▬▬ ▬▬▬▬ ▬▬ ▬▬▬ ▬▬ ▬▬▬▬ ▬▬▬ ▬▬ ▬▬▬▬ ▬▬ ▬▬▬ ▬▬▬▬ ▬▬ ▬▬▬ ▬▬ ▬▬▬▬ ▬▬▬ ▬▬ ▬▬▬▬ ▬▬ ▬▬▬ ▬▬ ▬▬▬▬ ▬▬▬ ▬▬ ▬▬▬▬ ▬▬ ▬▬▬ ▬▬▬▬ ▬▬ ▬▬▬ ▬▬ ▬▬▬▬ ▬▬▬ ▬▬ ▬▬▬▬ ▬▬ ▬▬▬ ▬▬ ▬▬▬▬
सामुदायिक रेडियो अरावली के माध्यम से हर गांव तक पहुंचेगा स्वच्छता व सुरक्षित पेयजल का संदेश
प्राइवेट ड्यूटी 6 से अमरीकी सुझावों के प्रदर्शन के लिए
नारनौल (ब्यूरो):
▬▬▬ ▬▬ ▬▬▬▬ ▬▬ ▬▬▬ ▬▬▬▬ ▬▬ ▬▬▬ ▬▬ ▬▬▬▬ ▬▬▬ ▬▬ ▬▬▬▬ ▬▬ ▬▬▬ ▬▬ ▬▬▬▬ ▬▬▬ ▬▬ ▬▬▬▬ ▬▬ ▬▬▬ ▬▬▬▬ ▬▬ ▬▬▬ ▬▬ ▬▬▬▬ ▬▬▬ ▬▬ ▬▬▬▬ ▬▬ ▬▬▬ ▬▬ ▬▬▬▬ ▬▬▬ ▬▬ ▬▬▬▬ ▬▬ ▬▬▬ ▬▬▬▬ ▬▬ ▬▬▬ ▬▬ ▬▬▬▬ ▬▬▬ ▬▬ ▬▬▬▬ ▬▬ ▬▬▬ ▬▬ ▬▬▬▬ ▬▬▬ ▬▬ ▬▬▬▬ ▬▬ ▬▬▬
▬▬▬ ▬▬ ▬▬▬▬ ▬▬ ▬▬▬ ▬▬▬▬ ▬▬ ▬▬▬ ▬▬ ▬▬▬▬ ▬▬▬ ▬▬ ▬▬▬▬ ▬▬ ▬▬▬ ▬▬ ▬▬▬▬ ▬▬▬ ▬▬ ▬▬▬▬ ▬▬ ▬▬▬ ▬▬▬▬ ▬▬ ▬▬▬ ▬▬ ▬▬▬▬ ▬▬▬ ▬▬ ▬▬▬▬ ▬▬ ▬▬▬ ▬▬ ▬▬▬▬ ▬▬▬ ▬▬ ▬▬▬▬ ▬▬ ▬▬▬ ▬▬▬▬ ▬▬ ▬▬▬ ▬▬ ▬▬▬▬ ▬▬▬ ▬▬ ▬▬▬▬ ▬▬ ▬▬▬ ▬▬ ▬▬▬▬ ▬▬▬ ▬▬ ▬▬▬▬ ▬▬ ▬▬▬ ▬▬▬▬ ▬▬ ▬▬▬ ▬▬ ▬▬▬▬ ▬▬▬ ▬▬ ▬▬▬▬ ▬▬ ▬▬▬ ▬▬ ▬▬▬▬ ▬▬▬ ▬▬ ▬▬▬▬ ▬▬ ▬▬▬ ▬▬▬▬ ▬▬ ▬▬▬ ▬▬ ▬▬▬▬ ▬▬▬ ▬▬ ▬▬▬▬ ▬▬ ▬▬▬ ▬▬ ▬▬▬▬ ▬▬▬ ▬▬ ▬▬▬▬ ▬▬ ▬▬▬ ▬▬▬▬ ▬▬ ▬▬▬ ▬▬ ▬▬▬▬ ▬▬▬ ▬▬ ▬▬▬▬ ▬▬ ▬▬▬ ▬▬ ▬▬▬▬ ▬▬▬ ▬▬ ▬▬▬▬ ▬▬ ▬▬▬ ▬▬▬▬ ▬▬ ▬▬▬ ▬▬ ▬▬▬▬ ▬▬▬ ▬▬ ▬▬▬▬ ▬▬ ▬▬▬ ▬▬ ▬▬▬▬ ▬▬▬ ▬▬ ▬▬▬▬ ▬▬ ▬▬▬ ▬▬▬▬ ▬▬ ▬▬▬ ▬▬ ▬▬▬▬ ▬▬▬ ▬▬ ▬▬▬▬ ▬▬ ▬▬▬ ▬▬ ▬▬▬▬ ▬▬▬ ▬▬ ▬▬▬▬ ▬▬ ▬▬▬ ▬▬▬▬ ▬▬ ▬▬▬ ▬▬ ▬▬▬▬ ▬▬▬ ▬▬ ▬▬▬▬ ▬▬ ▬▬▬ ▬▬ ▬▬▬▬
